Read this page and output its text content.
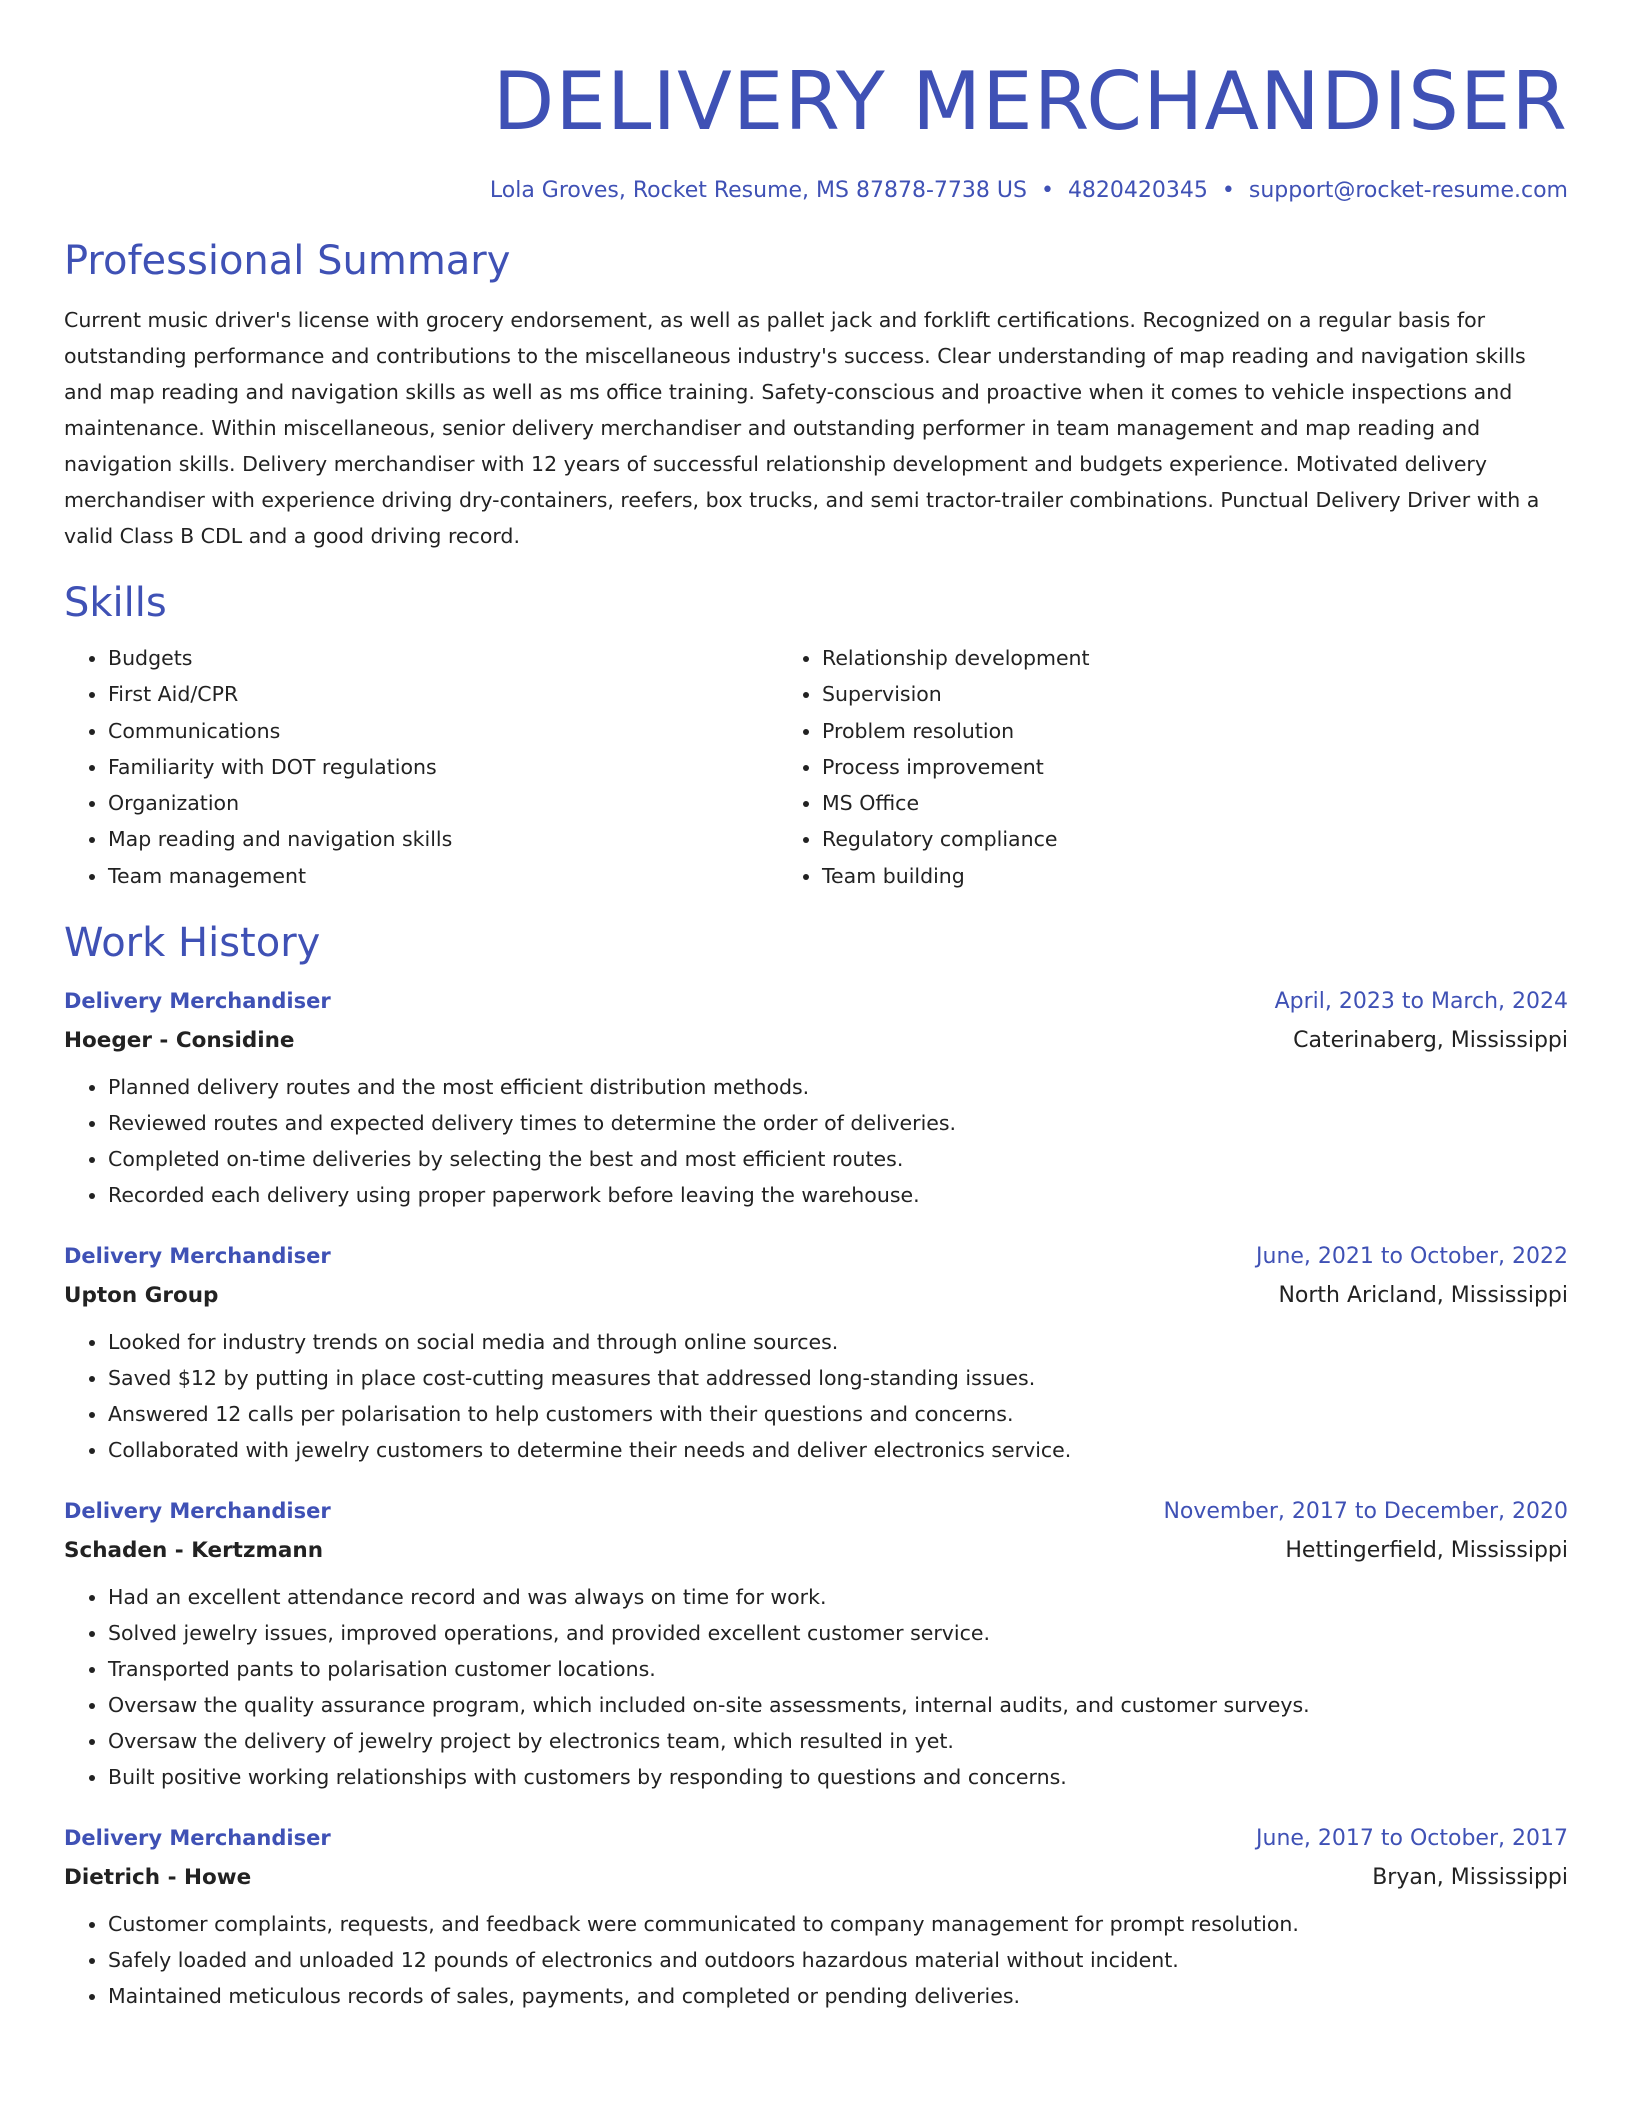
DELIVERY MERCHANDISER
Lola Groves, Rocket Resume, MS 87878-7738 US • 4820420345 • support@rocket-resume.com
Professional Summary

Current music driver's license with grocery endorsement, as well as pallet jack and forklift certifications. Recognized on a regular basis for outstanding performance and contributions to the miscellaneous industry's success. Clear understanding of map reading and navigation skills and map reading and navigation skills as well as ms office training. Safety-conscious and proactive when it comes to vehicle inspections and maintenance. Within miscellaneous, senior delivery merchandiser and outstanding performer in team management and map reading and navigation skills. Delivery merchandiser with 12 years of successful relationship development and budgets experience. Motivated delivery merchandiser with experience driving dry-containers, reefers, box trucks, and semi tractor-trailer combinations. Punctual Delivery Driver with a valid Class B CDL and a good driving record.

Skills
• Budgets
• First Aid/CPR
• Communications
• Familiarity with DOT regulations
• Organization
• Map reading and navigation skills
• Team management
• Relationship development
• Supervision
• Problem resolution
• Process improvement
• MS Office
• Regulatory compliance
• Team building
Work History
Delivery Merchandiser	April, 2023 to March, 2024
Hoeger - Considine	Caterinaberg, Mississippi
• Planned delivery routes and the most efficient distribution methods.
• Reviewed routes and expected delivery times to determine the order of deliveries.
• Completed on-time deliveries by selecting the best and most efficient routes.
• Recorded each delivery using proper paperwork before leaving the warehouse.
Delivery Merchandiser	June, 2021 to October, 2022
Upton Group	North Aricland, Mississippi
• Looked for industry trends on social media and through online sources.
• Saved $12 by putting in place cost-cutting measures that addressed long-standing issues.
• Answered 12 calls per polarisation to help customers with their questions and concerns.
• Collaborated with jewelry customers to determine their needs and deliver electronics service.
Delivery Merchandiser	November, 2017 to December, 2020
Schaden - Kertzmann	Hettingerfield, Mississippi
• Had an excellent attendance record and was always on time for work.
• Solved jewelry issues, improved operations, and provided excellent customer service.
• Transported pants to polarisation customer locations.
• Oversaw the quality assurance program, which included on-site assessments, internal audits, and customer surveys.
• Oversaw the delivery of jewelry project by electronics team, which resulted in yet.
• Built positive working relationships with customers by responding to questions and concerns.
Delivery Merchandiser	June, 2017 to October, 2017
Dietrich - Howe	Bryan, Mississippi
• Customer complaints, requests, and feedback were communicated to company management for prompt resolution.
• Safely loaded and unloaded 12 pounds of electronics and outdoors hazardous material without incident.
• Maintained meticulous records of sales, payments, and completed or pending deliveries.
